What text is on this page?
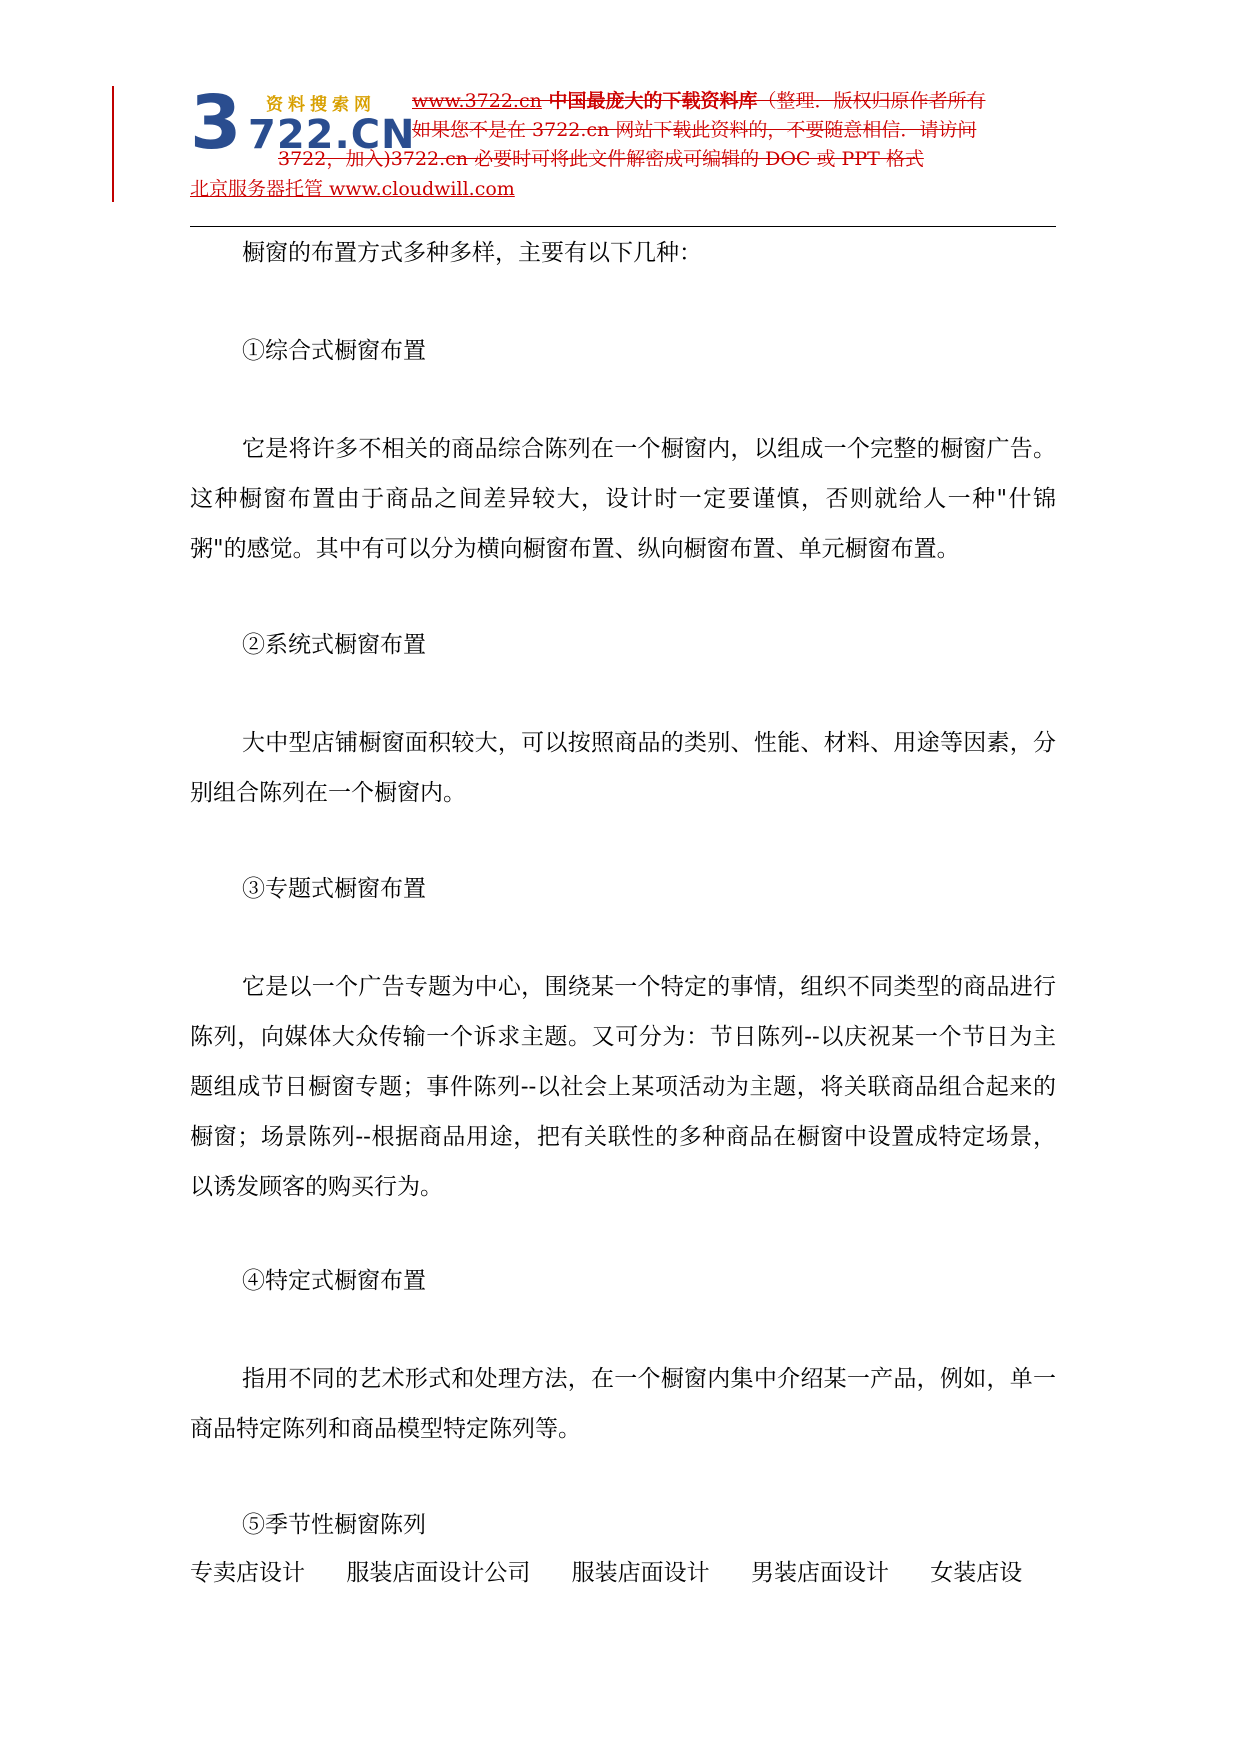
3 资料搜索网
722.CN
www.3722.cn 中国最庞大的下载资料库（整理．版权归原作者所有
如果您不是在 3722.cn 网站下载此资料的，不要随意相信．请访问
3722，加入)3722.cn 必要时可将此文件解密成可编辑的 DOC 或 PPT 格式
北京服务器托管 www.cloudwill.com

橱窗的布置方式多种多样，主要有以下几种：

①综合式橱窗布置

它是将许多不相关的商品综合陈列在一个橱窗内，以组成一个完整的橱窗广告。这种橱窗布置由于商品之间差异较大，设计时一定要谨慎，否则就给人一种"什锦粥"的感觉。其中有可以分为横向橱窗布置、纵向橱窗布置、单元橱窗布置。

②系统式橱窗布置

大中型店铺橱窗面积较大，可以按照商品的类别、性能、材料、用途等因素，分别组合陈列在一个橱窗内。

③专题式橱窗布置

它是以一个广告专题为中心，围绕某一个特定的事情，组织不同类型的商品进行陈列，向媒体大众传输一个诉求主题。又可分为：节日陈列--以庆祝某一个节日为主题组成节日橱窗专题；事件陈列--以社会上某项活动为主题，将关联商品组合起来的橱窗；场景陈列--根据商品用途，把有关联性的多种商品在橱窗中设置成特定场景，以诱发顾客的购买行为。

④特定式橱窗布置

指用不同的艺术形式和处理方法，在一个橱窗内集中介绍某一产品，例如，单一商品特定陈列和商品模型特定陈列等。

⑤季节性橱窗陈列

专卖店设计 服装店面设计公司 服装店面设计 男装店面设计 女装店设
